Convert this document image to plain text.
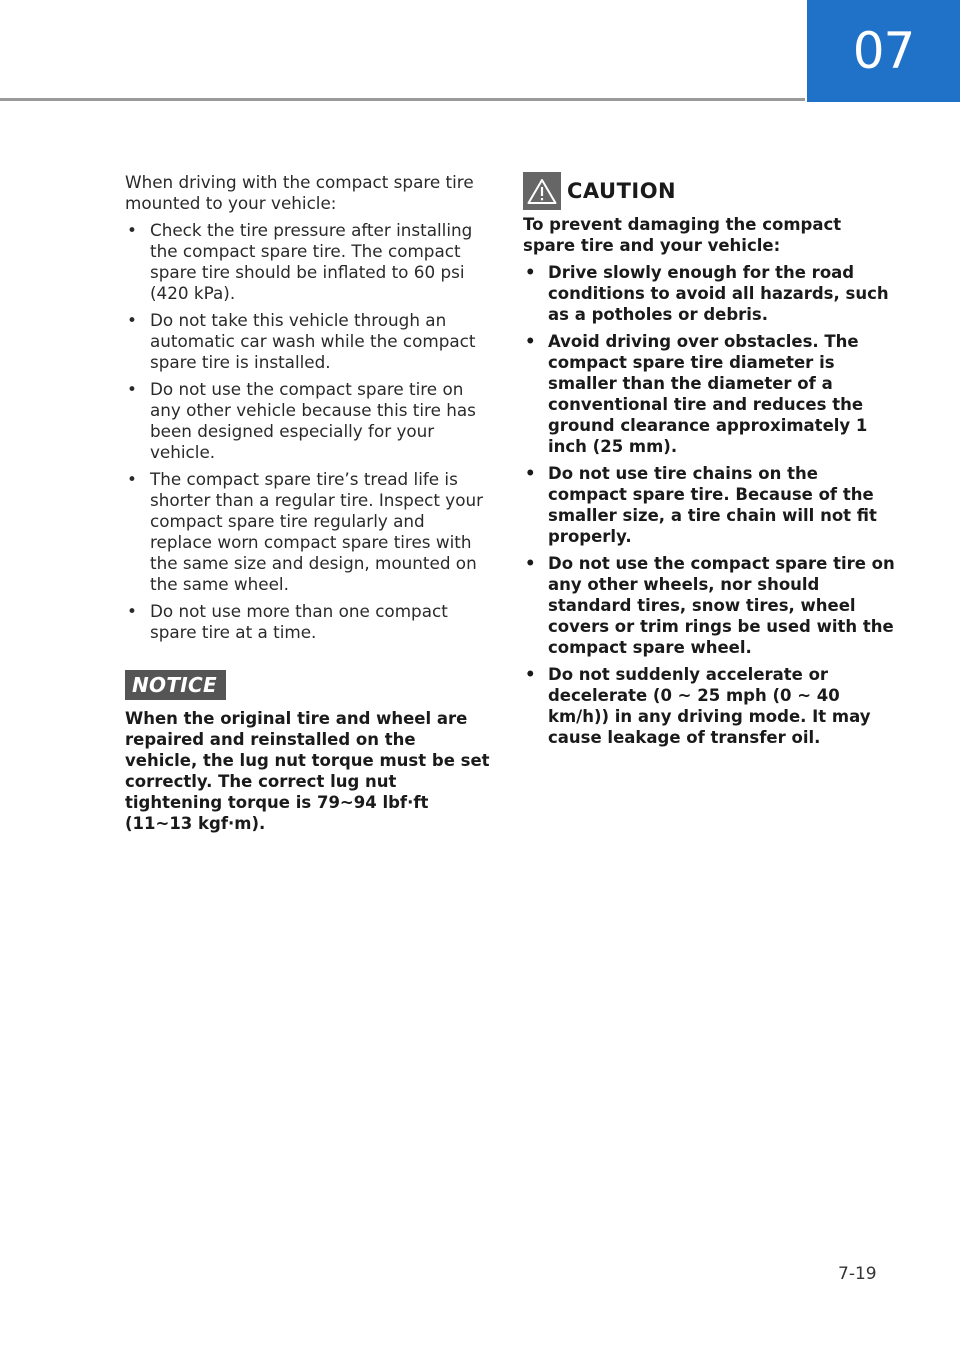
07

When driving with the compact spare tire mounted to your vehicle:

• Check the tire pressure after installing the compact spare tire. The compact spare tire should be inflated to 60 psi (420 kPa).
• Do not take this vehicle through an automatic car wash while the compact spare tire is installed.
• Do not use the compact spare tire on any other vehicle because this tire has been designed especially for your vehicle.
• The compact spare tire’s tread life is shorter than a regular tire. Inspect your compact spare tire regularly and replace worn compact spare tires with the same size and design, mounted on the same wheel.
• Do not use more than one compact spare tire at a time.
NOTICE

When the original tire and wheel are repaired and reinstalled on the vehicle, the lug nut torque must be set correctly. The correct lug nut tightening torque is 79~94 lbf·ft (11~13 kgf·m).

CAUTION

To prevent damaging the compact spare tire and your vehicle:

• Drive slowly enough for the road conditions to avoid all hazards, such as a potholes or debris.
• Avoid driving over obstacles. The compact spare tire diameter is smaller than the diameter of a conventional tire and reduces the ground clearance approximately 1 inch (25 mm).
• Do not use tire chains on the compact spare tire. Because of the smaller size, a tire chain will not fit properly.
• Do not use the compact spare tire on any other wheels, nor should standard tires, snow tires, wheel covers or trim rings be used with the compact spare wheel.
• Do not suddenly accelerate or decelerate (0 ~ 25 mph (0 ~ 40 km/h)) in any driving mode. It may cause leakage of transfer oil.
7-19
